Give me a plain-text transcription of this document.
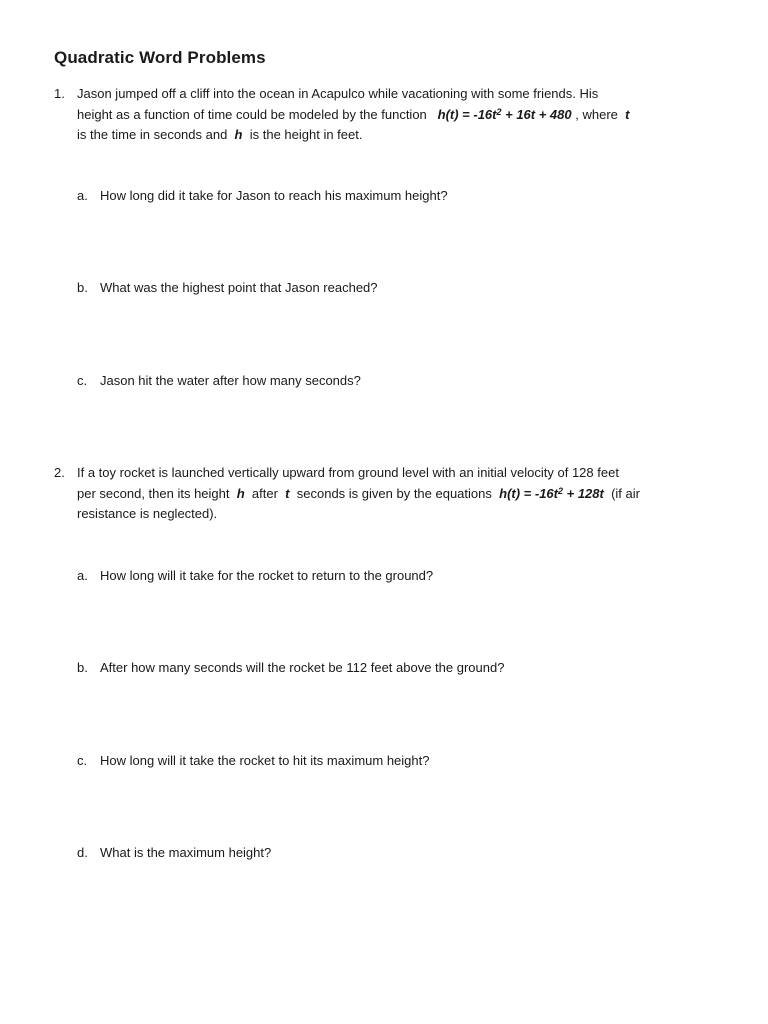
Quadratic Word Problems
1. Jason jumped off a cliff into the ocean in Acapulco while vacationing with some friends. His
height as a function of time could be modeled by the function $h(t) = -16t^2 + 16t + 480$ , where t
is the time in seconds and h is the height in feet.
a. How long did it take for Jason to reach his maximum height?
b. What was the highest point that Jason reached?
c. Jason hit the water after how many seconds?
2. If a toy rocket is launched vertically upward from ground level with an initial velocity of 128 feet
per second, then its height h after t seconds is given by the equations $h(t) = -16t^2 + 128t$ (if air
resistance is neglected).
a. How long will it take for the rocket to return to the ground?
b. After how many seconds will the rocket be 112 feet above the ground?
c. How long will it take the rocket to hit its maximum height?
d. What is the maximum height?
